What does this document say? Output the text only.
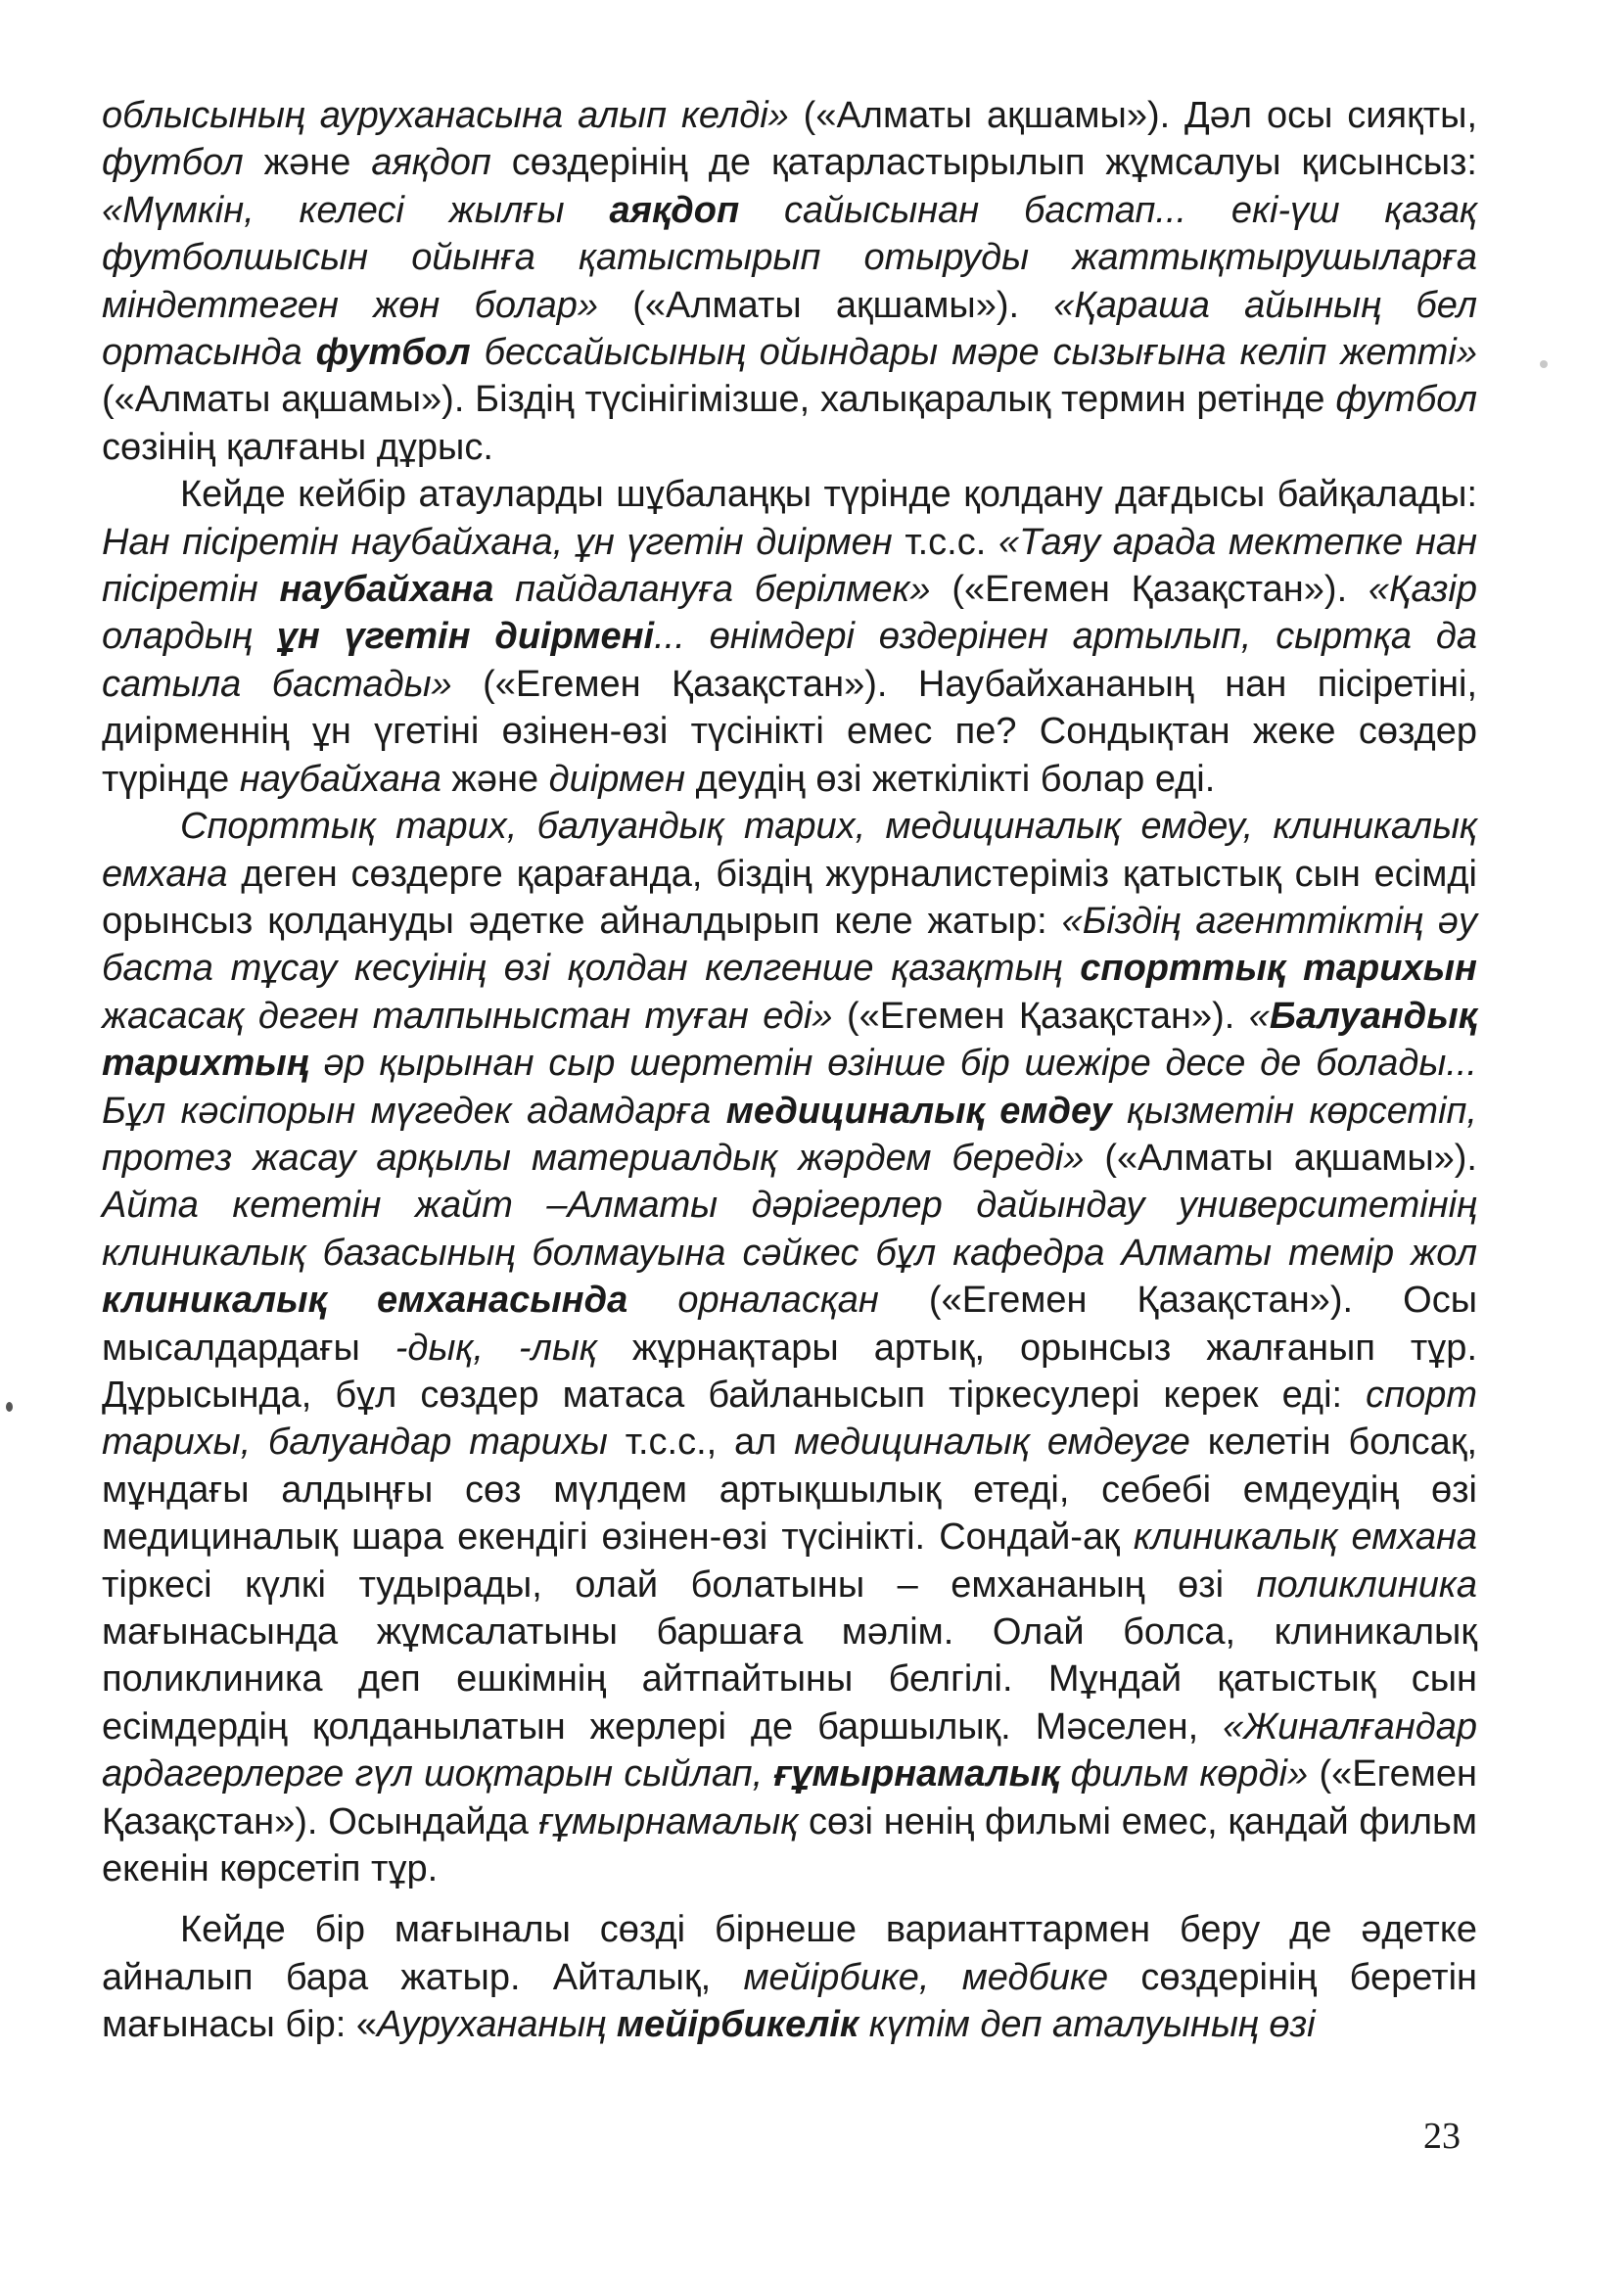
облысының ауруханасына алып келді» («Алматы ақшамы»). Дәл осы сияқты, футбол және аяқдоп сөздерінің де қатарластырылып жұмсалуы қисынсыз: «Мүмкін, келесі жылғы аяқдоп сайысынан бастап... екі-үш қазақ футболшысын ойынға қатыстырып отыруды жаттықтырушыларға міндеттеген жөн болар» («Алматы ақшамы»). «Қараша айының бел ортасында футбол бессайысының ойындары мәре сызығына келіп жетті» («Алматы ақшамы»). Біздің түсінігімізше, халықаралық термин ретінде футбол сөзінің қалғаны дұрыс.

Кейде кейбір атауларды шұбалаңқы түрінде қолдану дағдысы байқалады: Нан пісіретін наубайхана, ұн үгетін диірмен т.с.с. «Таяу арада мектепке нан пісіретін наубайхана пайдалануға берілмек» («Егемен Қазақстан»). «Қазір олардың ұн үгетін диірмені... өнімдері өздерінен артылып, сыртқа да сатыла бастады» («Егемен Қазақстан»). Наубайхананың нан пісіретіні, диірменнің ұн үгетіні өзінен-өзі түсінікті емес пе? Сондықтан жеке сөздер түрінде наубайхана және диірмен деудің өзі жеткілікті болар еді.

Спорттық тарих, балуандық тарих, медициналық емдеу, клиникалық емхана деген сөздерге қарағанда, біздің журналистеріміз қатыстық сын есімді орынсыз қолдануды әдетке айналдырып келе жатыр: «Біздің агенттіктің әу баста тұсау кесуінің өзі қолдан келгенше қазақтың спорттық тарихын жасасақ деген талпыныстан туған еді» («Егемен Қазақстан»). «Балуандық тарихтың әр қырынан сыр шертетін өзінше бір шежіре десе де болады... Бұл кәсіпорын мүгедек адамдарға медициналық емдеу қызметін көрсетіп, протез жасау арқылы материалдық жәрдем береді» («Алматы ақшамы»). Айта кететін жайт –Алматы дәрігерлер дайындау университетінің клиникалық базасының болмауына сәйкес бұл кафедра Алматы темір жол клиникалық емханасында орналасқан («Егемен Қазақстан»). Осы мысалдардағы -дық, -лық жұрнақтары артық, орынсыз жалғанып тұр. Дұрысында, бұл сөздер матаса байланысып тіркесулері керек еді: спорт тарихы, балуандар тарихы т.с.с., ал медициналық емдеуге келетін болсақ, мұндағы алдыңғы сөз мүлдем артықшылық етеді, себебі емдеудің өзі медициналық шара екендігі өзінен-өзі түсінікті. Сондай-ақ клиникалық емхана тіркесі күлкі тудырады, олай болатыны – емхананың өзі поликлиника мағынасында жұмсалатыны баршаға мәлім. Олай болса, клиникалық поликлиника деп ешкімнің айтпайтыны белгілі. Мұндай қатыстық сын есімдердің қолданылатын жерлері де баршылық. Мәселен, «Жиналғандар ардагерлерге гүл шоқтарын сыйлап, ғұмырнамалық фильм көрді» («Егемен Қазақстан»). Осындайда ғұмырнамалық сөзі ненің фильмі емес, қандай фильм екенін көрсетіп тұр.

Кейде бір мағыналы сөзді бірнеше варианттармен беру де әдетке айналып бара жатыр. Айталық, мейірбике, медбике сөздерінің беретін мағынасы бір: «Аурухананың мейірбикелік күтім деп аталуының өзі

23
